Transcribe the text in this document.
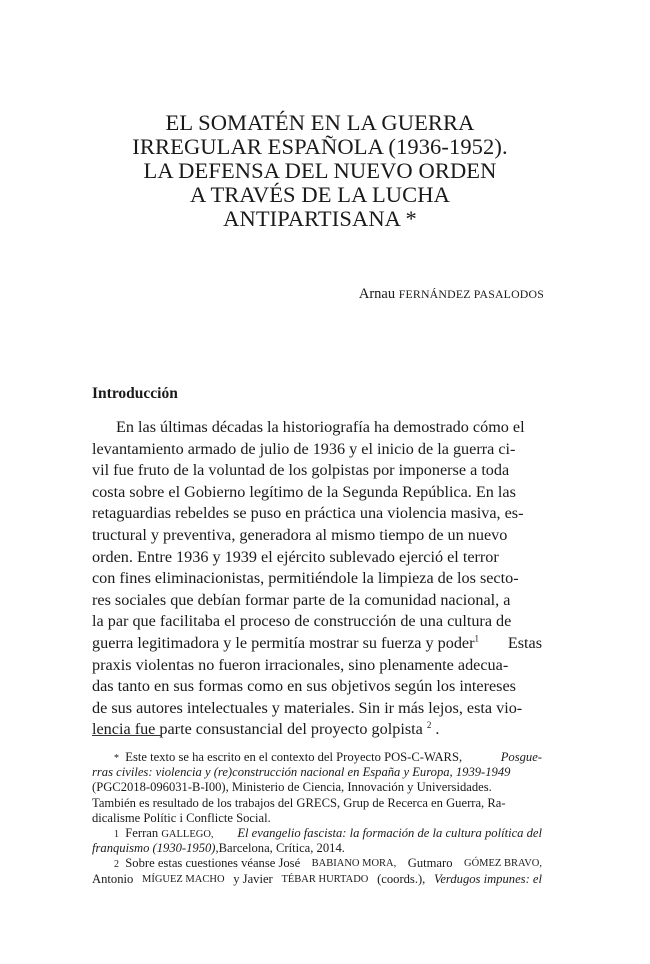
EL SOMATÉN EN LA GUERRA
IRREGULAR ESPAÑOLA (1936-1952).
LA DEFENSA DEL NUEVO ORDEN
A TRAVÉS DE LA LUCHA
ANTIPARTISANA *
Arnau FERNÁNDEZ PASALODOS
Introducción
En las últimas décadas la historiografía ha demostrado cómo el
levantamiento armado de julio de 1936 y el inicio de la guerra ci-
vil fue fruto de la voluntad de los golpistas por imponerse a toda
costa sobre el Gobierno legítimo de la Segunda República. En las
retaguardias rebeldes se puso en práctica una violencia masiva, es-
tructural y preventiva, generadora al mismo tiempo de un nuevo
orden. Entre 1936 y 1939 el ejército sublevado ejerció el terror
con fines eliminacionistas, permitiéndole la limpieza de los secto-
res sociales que debían formar parte de la comunidad nacional, a
la par que facilitaba el proceso de construcción de una cultura de
guerra legitimadora y le permitía mostrar su fuerza y poder$^1$ Estas
praxis violentas no fueron irracionales, sino plenamente adecua-
das tanto en sus formas como en sus objetivos según los intereses
de sus autores intelectuales y materiales. Sin ir más lejos, esta vio-
lencia fue parte consustancial del proyecto golpista $^2$ .
* Este texto se ha escrito en el contexto del Proyecto POS-C-WARS,	Posgue-
rras civiles: violencia y (re)construcción nacional en España y Europa, 1939-1949
(PGC2018-096031-B-I00), Ministerio de Ciencia, Innovación y Universidades.
También es resultado de los trabajos del GRECS, Grup de Recerca en Guerra, Ra-
dicalisme Polític i Conflicte Social.
1 Ferran GALLEGO, El evangelio fascista: la formación de la cultura política del
franquismo (1930-1950), Barcelona, Crítica, 2014.
2 Sobre estas cuestiones véanse José BABIANO MORA, Gutmaro GÓMEZ BRAVO,
Antonio MÍGUEZ MACHO y Javier TÉBAR HURTADO (coords.), Verdugos impunes: el
